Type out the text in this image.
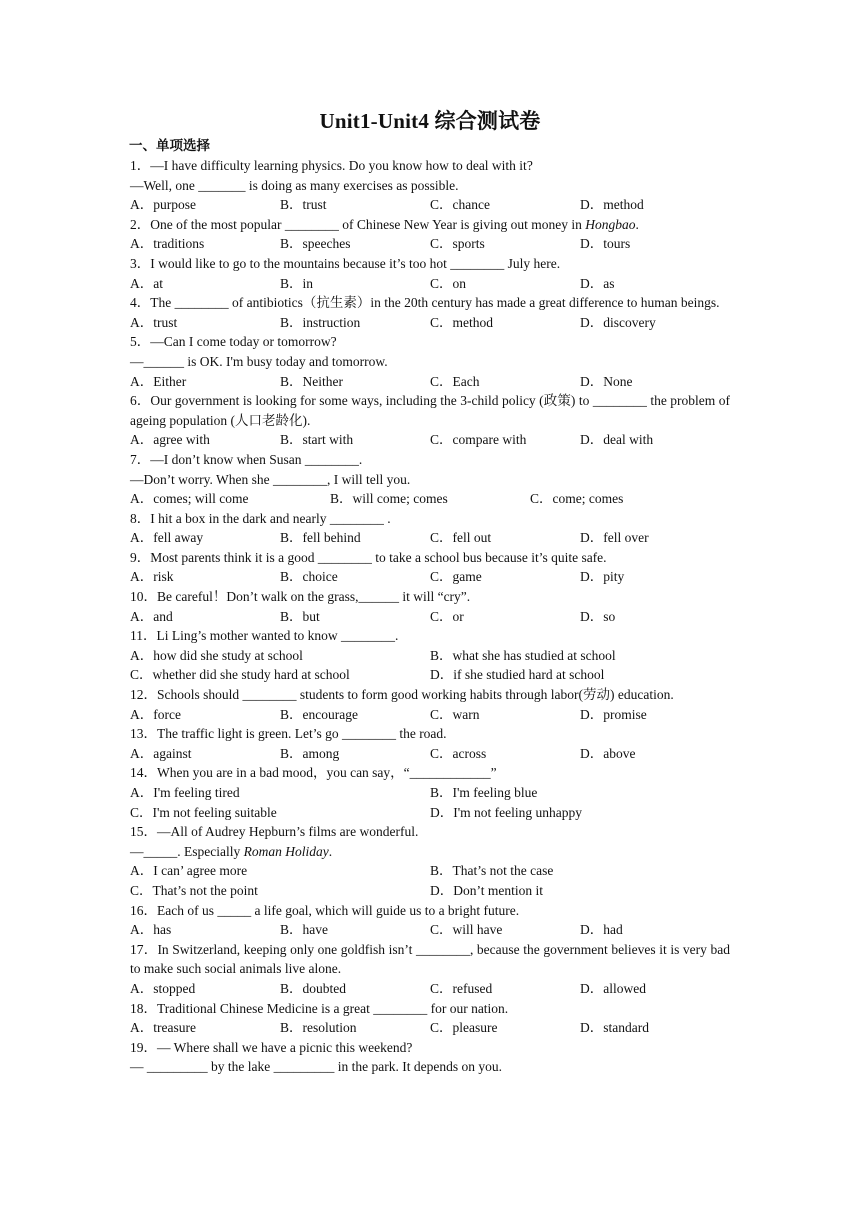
Unit1-Unit4 综合测试卷
一、单项选择
1．—I have difficulty learning physics. Do you know how to deal with it?
—Well, one _______ is doing as many exercises as possible.
A．purpose	B．trust	C．chance	D．method
2．One of the most popular ________ of Chinese New Year is giving out money in Hongbao.
A．traditions	B．speeches	C．sports	D．tours
3．I would like to go to the mountains because it’s too hot ________ July here.
A．at	B．in	C．on	D．as
4．The ________ of antibiotics（抗生素）in the 20th century has made a great difference to human beings.
A．trust	B．instruction	C．method	D．discovery
5．—Can I come today or tomorrow?
—______ is OK. I'm busy today and tomorrow.
A．Either	B．Neither	C．Each	D．None
6．Our government is looking for some ways, including the 3-child policy (政策) to ________ the problem of ageing population (人口老龄化).
A．agree with	B．start with	C．compare with	D．deal with
7．—I don’t know when Susan ________.
—Don’t worry. When she ________, I will tell you.
A．comes; will come	B．will come; comes	C．come; comes
8．I hit a box in the dark and nearly ________ .
A．fell away	B．fell behind	C．fell out	D．fell over
9．Most parents think it is a good ________ to take a school bus because it’s quite safe.
A．risk	B．choice	C．game	D．pity
10．Be careful！Don’t walk on the grass,______ it will “cry”.
A．and	B．but	C．or	D．so
11．Li Ling’s mother wanted to know ________.
A．how did she study at school	B．what she has studied at school
C．whether did she study hard at school	D．if she studied hard at school
12．Schools should ________ students to form good working habits through labor(劳动) education.
A．force	B．encourage	C．warn	D．promise
13．The traffic light is green. Let’s go ________ the road.
A．against	B．among	C．across	D．above
14．When you are in a bad mood，you can say，“____________”
A．I'm feeling tired	B．I'm feeling blue
C．I'm not feeling suitable	D．I'm not feeling unhappy
15．—All of Audrey Hepburn’s films are wonderful.
—_____. Especially Roman Holiday.
A．I can’ agree more	B．That’s not the case
C．That’s not the point	D．Don’t mention it
16．Each of us _____ a life goal, which will guide us to a bright future.
A．has	B．have	C．will have	D．had
17．In Switzerland, keeping only one goldfish isn’t ________, because the government believes it is very bad to make such social animals live alone.
A．stopped	B．doubted	C．refused	D．allowed
18．Traditional Chinese Medicine is a great ________ for our nation.
A．treasure	B．resolution	C．pleasure	D．standard
19．— Where shall we have a picnic this weekend?
— _________ by the lake _________ in the park. It depends on you.
